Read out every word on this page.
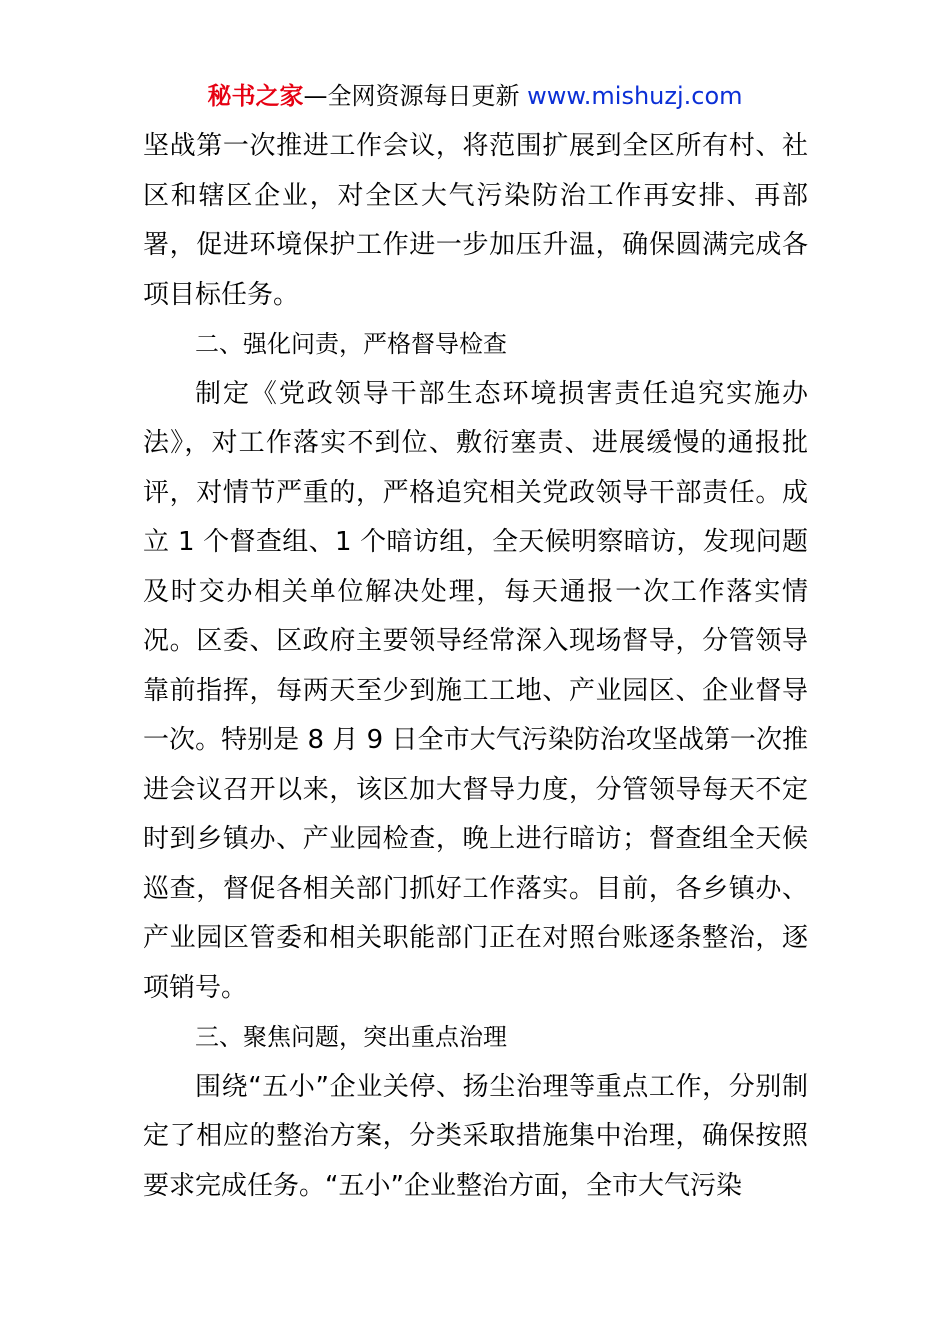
秘书之家—全网资源每日更新 www.mishuzj.com

坚战第一次推进工作会议，将范围扩展到全区所有村、社区和辖区企业，对全区大气污染防治工作再安排、再部署，促进环境保护工作进一步加压升温，确保圆满完成各项目标任务。

二、强化问责，严格督导检查

制定《党政领导干部生态环境损害责任追究实施办法》，对工作落实不到位、敷衍塞责、进展缓慢的通报批评，对情节严重的，严格追究相关党政领导干部责任。成立 1 个督查组、1 个暗访组，全天候明察暗访，发现问题及时交办相关单位解决处理，每天通报一次工作落实情况。区委、区政府主要领导经常深入现场督导，分管领导靠前指挥，每两天至少到施工工地、产业园区、企业督导一次。特别是 8 月 9 日全市大气污染防治攻坚战第一次推进会议召开以来，该区加大督导力度，分管领导每天不定时到乡镇办、产业园检查，晚上进行暗访；督查组全天候巡查，督促各相关部门抓好工作落实。目前，各乡镇办、产业园区管委和相关职能部门正在对照台账逐条整治，逐项销号。

三、聚焦问题，突出重点治理

围绕“五小”企业关停、扬尘治理等重点工作，分别制定了相应的整治方案，分类采取措施集中治理，确保按照要求完成任务。“五小”企业整治方面，全市大气污染
